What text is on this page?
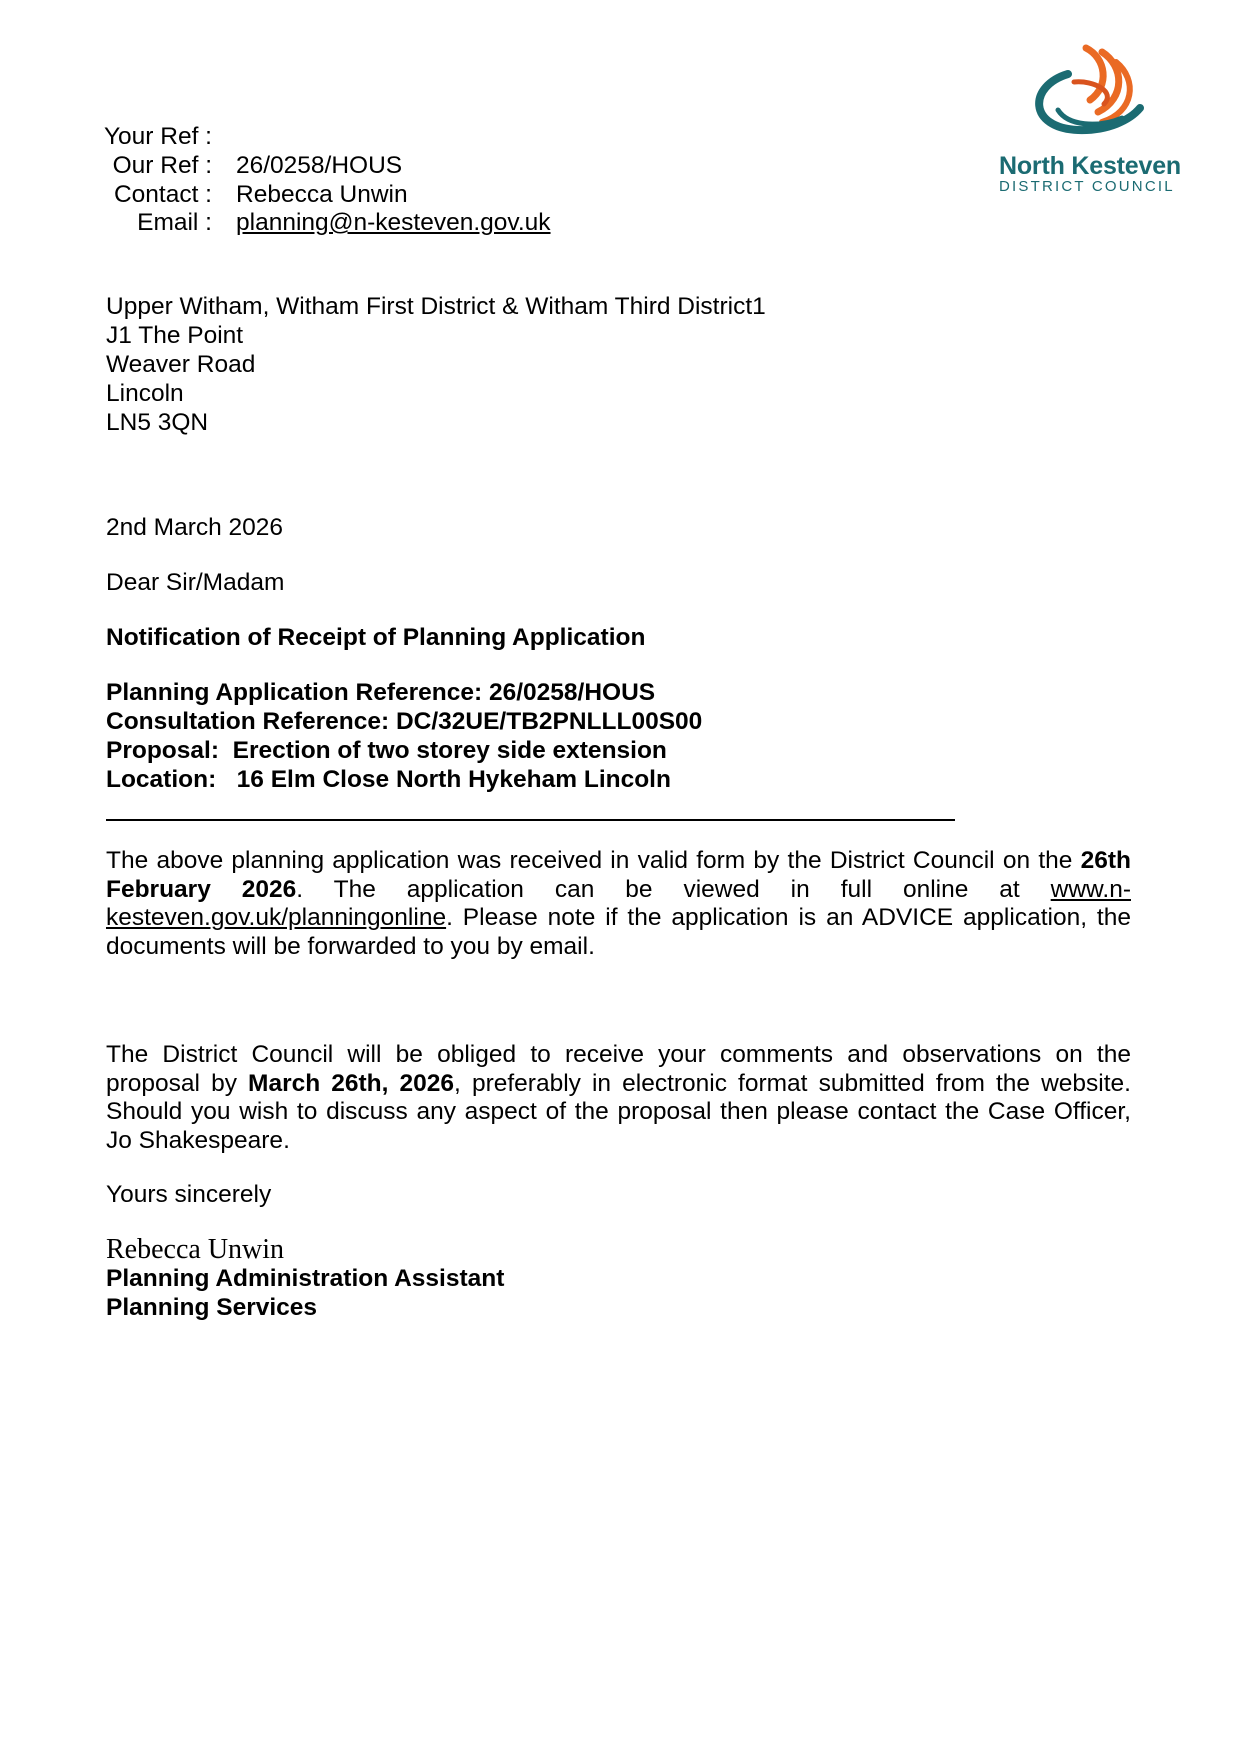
Your Ref :
Our Ref : 26/0258/HOUS
Contact : Rebecca Unwin
Email : planning@n-kesteven.gov.uk
North Kesteven
DISTRICT COUNCIL
Upper Witham, Witham First District & Witham Third District1
J1 The Point
Weaver Road
Lincoln
LN5 3QN
2nd March 2026
Dear Sir/Madam
Notification of Receipt of Planning Application
Planning Application Reference: 26/0258/HOUS
Consultation Reference: DC/32UE/TB2PNLLL00S00
Proposal:  Erection of two storey side extension
Location:   16 Elm Close North Hykeham Lincoln
The above planning application was received in valid form by the District Council on the 26th February 2026. The application can be viewed in full online at www.n-kesteven.gov.uk/planningonline. Please note if the application is an ADVICE application, the documents will be forwarded to you by email.
The District Council will be obliged to receive your comments and observations on the proposal by March 26th, 2026, preferably in electronic format submitted from the website. Should you wish to discuss any aspect of the proposal then please contact the Case Officer, Jo Shakespeare.
Yours sincerely
Rebecca Unwin
Planning Administration Assistant
Planning Services
